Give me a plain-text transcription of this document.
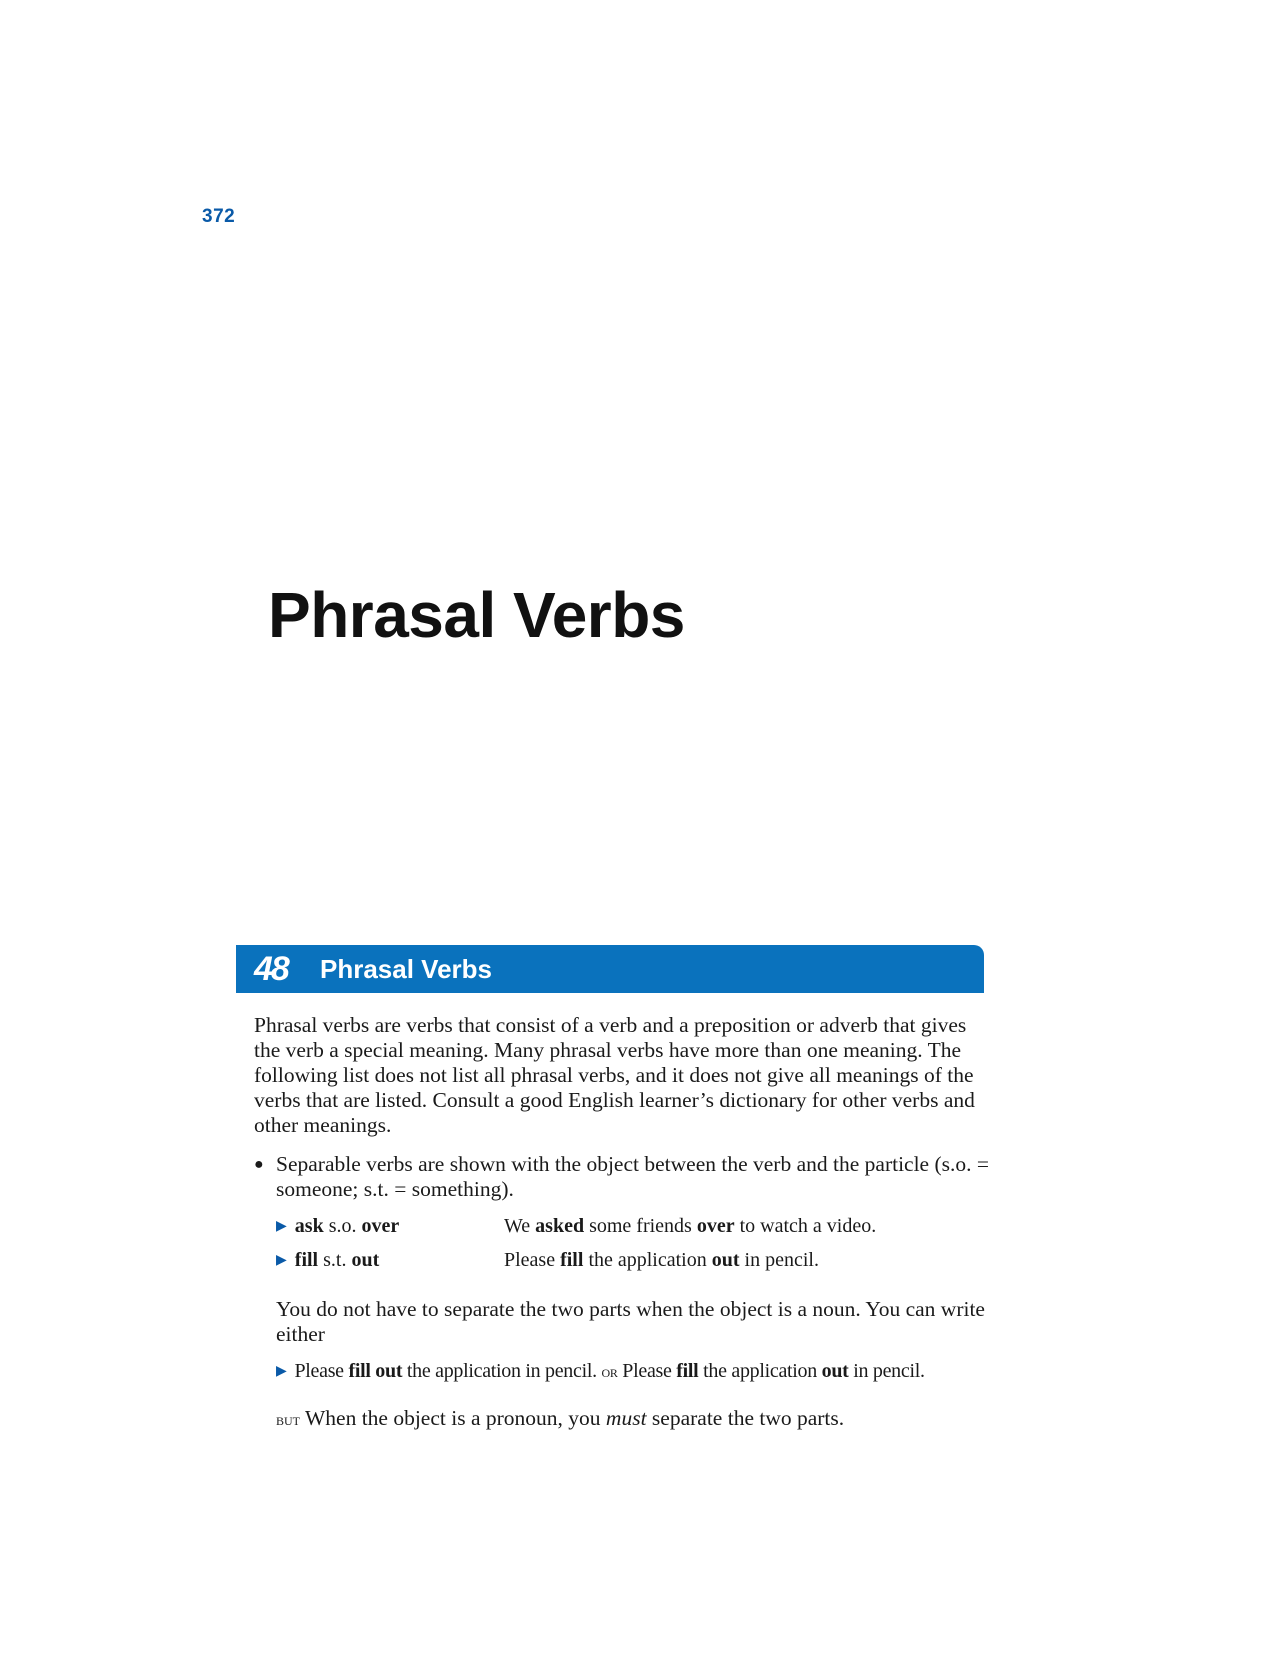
372
Phrasal Verbs
48	Phrasal Verbs

Phrasal verbs are verbs that consist of a verb and a preposition or adverb that gives the verb a special meaning. Many phrasal verbs have more than one meaning. The following list does not list all phrasal verbs, and it does not give all meanings of the verbs that are listed. Consult a good English learner’s dictionary for other verbs and other meanings.

● Separable verbs are shown with the object between the verb and the particle (s.o. = someone; s.t. = something).
▶ ask s.o. over	We asked some friends over to watch a video.
▶ fill s.t. out	Please fill the application out in pencil.

You do not have to separate the two parts when the object is a noun. You can write either

▶ Please fill out the application in pencil. or Please fill the application out in pencil.

but When the object is a pronoun, you must separate the two parts.
